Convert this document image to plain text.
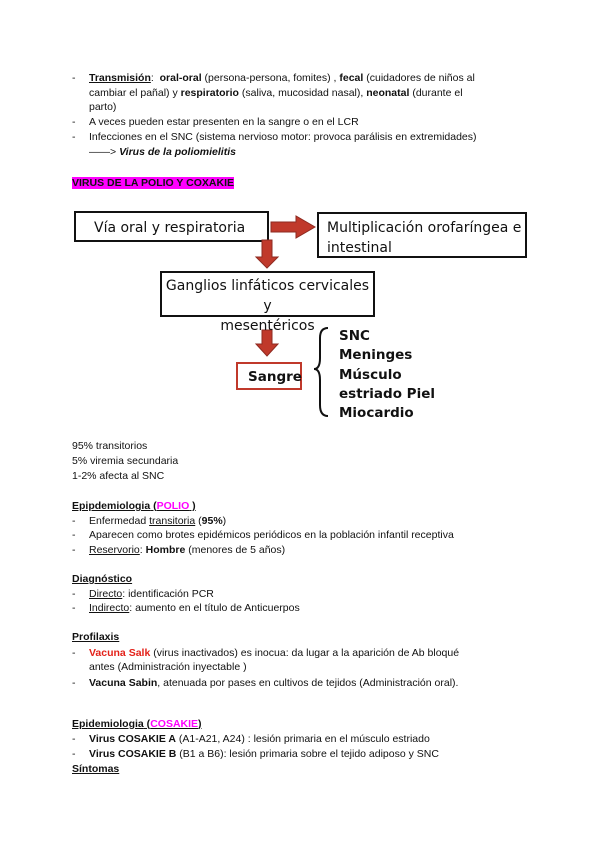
- Transmisión: oral-oral (persona-persona, fomites) , fecal (cuidadores de niños al
cambiar el pañal) y respiratorio (saliva, mucosidad nasal), neonatal (durante el
parto)
- A veces pueden estar presenten en la sangre o en el LCR
- Infecciones en el SNC (sistema nervioso motor: provoca parálisis en extremidades)
——> Virus de la poliomielitis
VIRUS DE LA POLIO Y COXAKIE
Vía oral y respiratoria	Multiplicación orofaríngea e
intestinal
Ganglios linfáticos cervicales y
mesentéricos
Sangre
SNC
Meninges
Músculo
estriado Piel
Miocardio
95% transitorios
5% viremia secundaria
1-2% afecta al SNC
Epipdemiologia (POLIO )
- Enfermedad transitoria (95%)
- Aparecen como brotes epidémicos periódicos en la población infantil receptiva
- Reservorio: Hombre (menores de 5 años)
Diagnóstico
- Directo: identificación PCR
- Indirecto: aumento en el título de Anticuerpos
Profilaxis
- Vacuna Salk (virus inactivados) es inocua: da lugar a la aparición de Ab bloqué
antes (Administración inyectable )
- Vacuna Sabin, atenuada por pases en cultivos de tejidos (Administración oral).
Epidemiologia (COSAKIE)
- Virus COSAKIE A (A1-A21, A24) : lesión primaria en el músculo estriado
- Virus COSAKIE B (B1 a B6): lesión primaria sobre el tejido adiposo y SNC
Síntomas
